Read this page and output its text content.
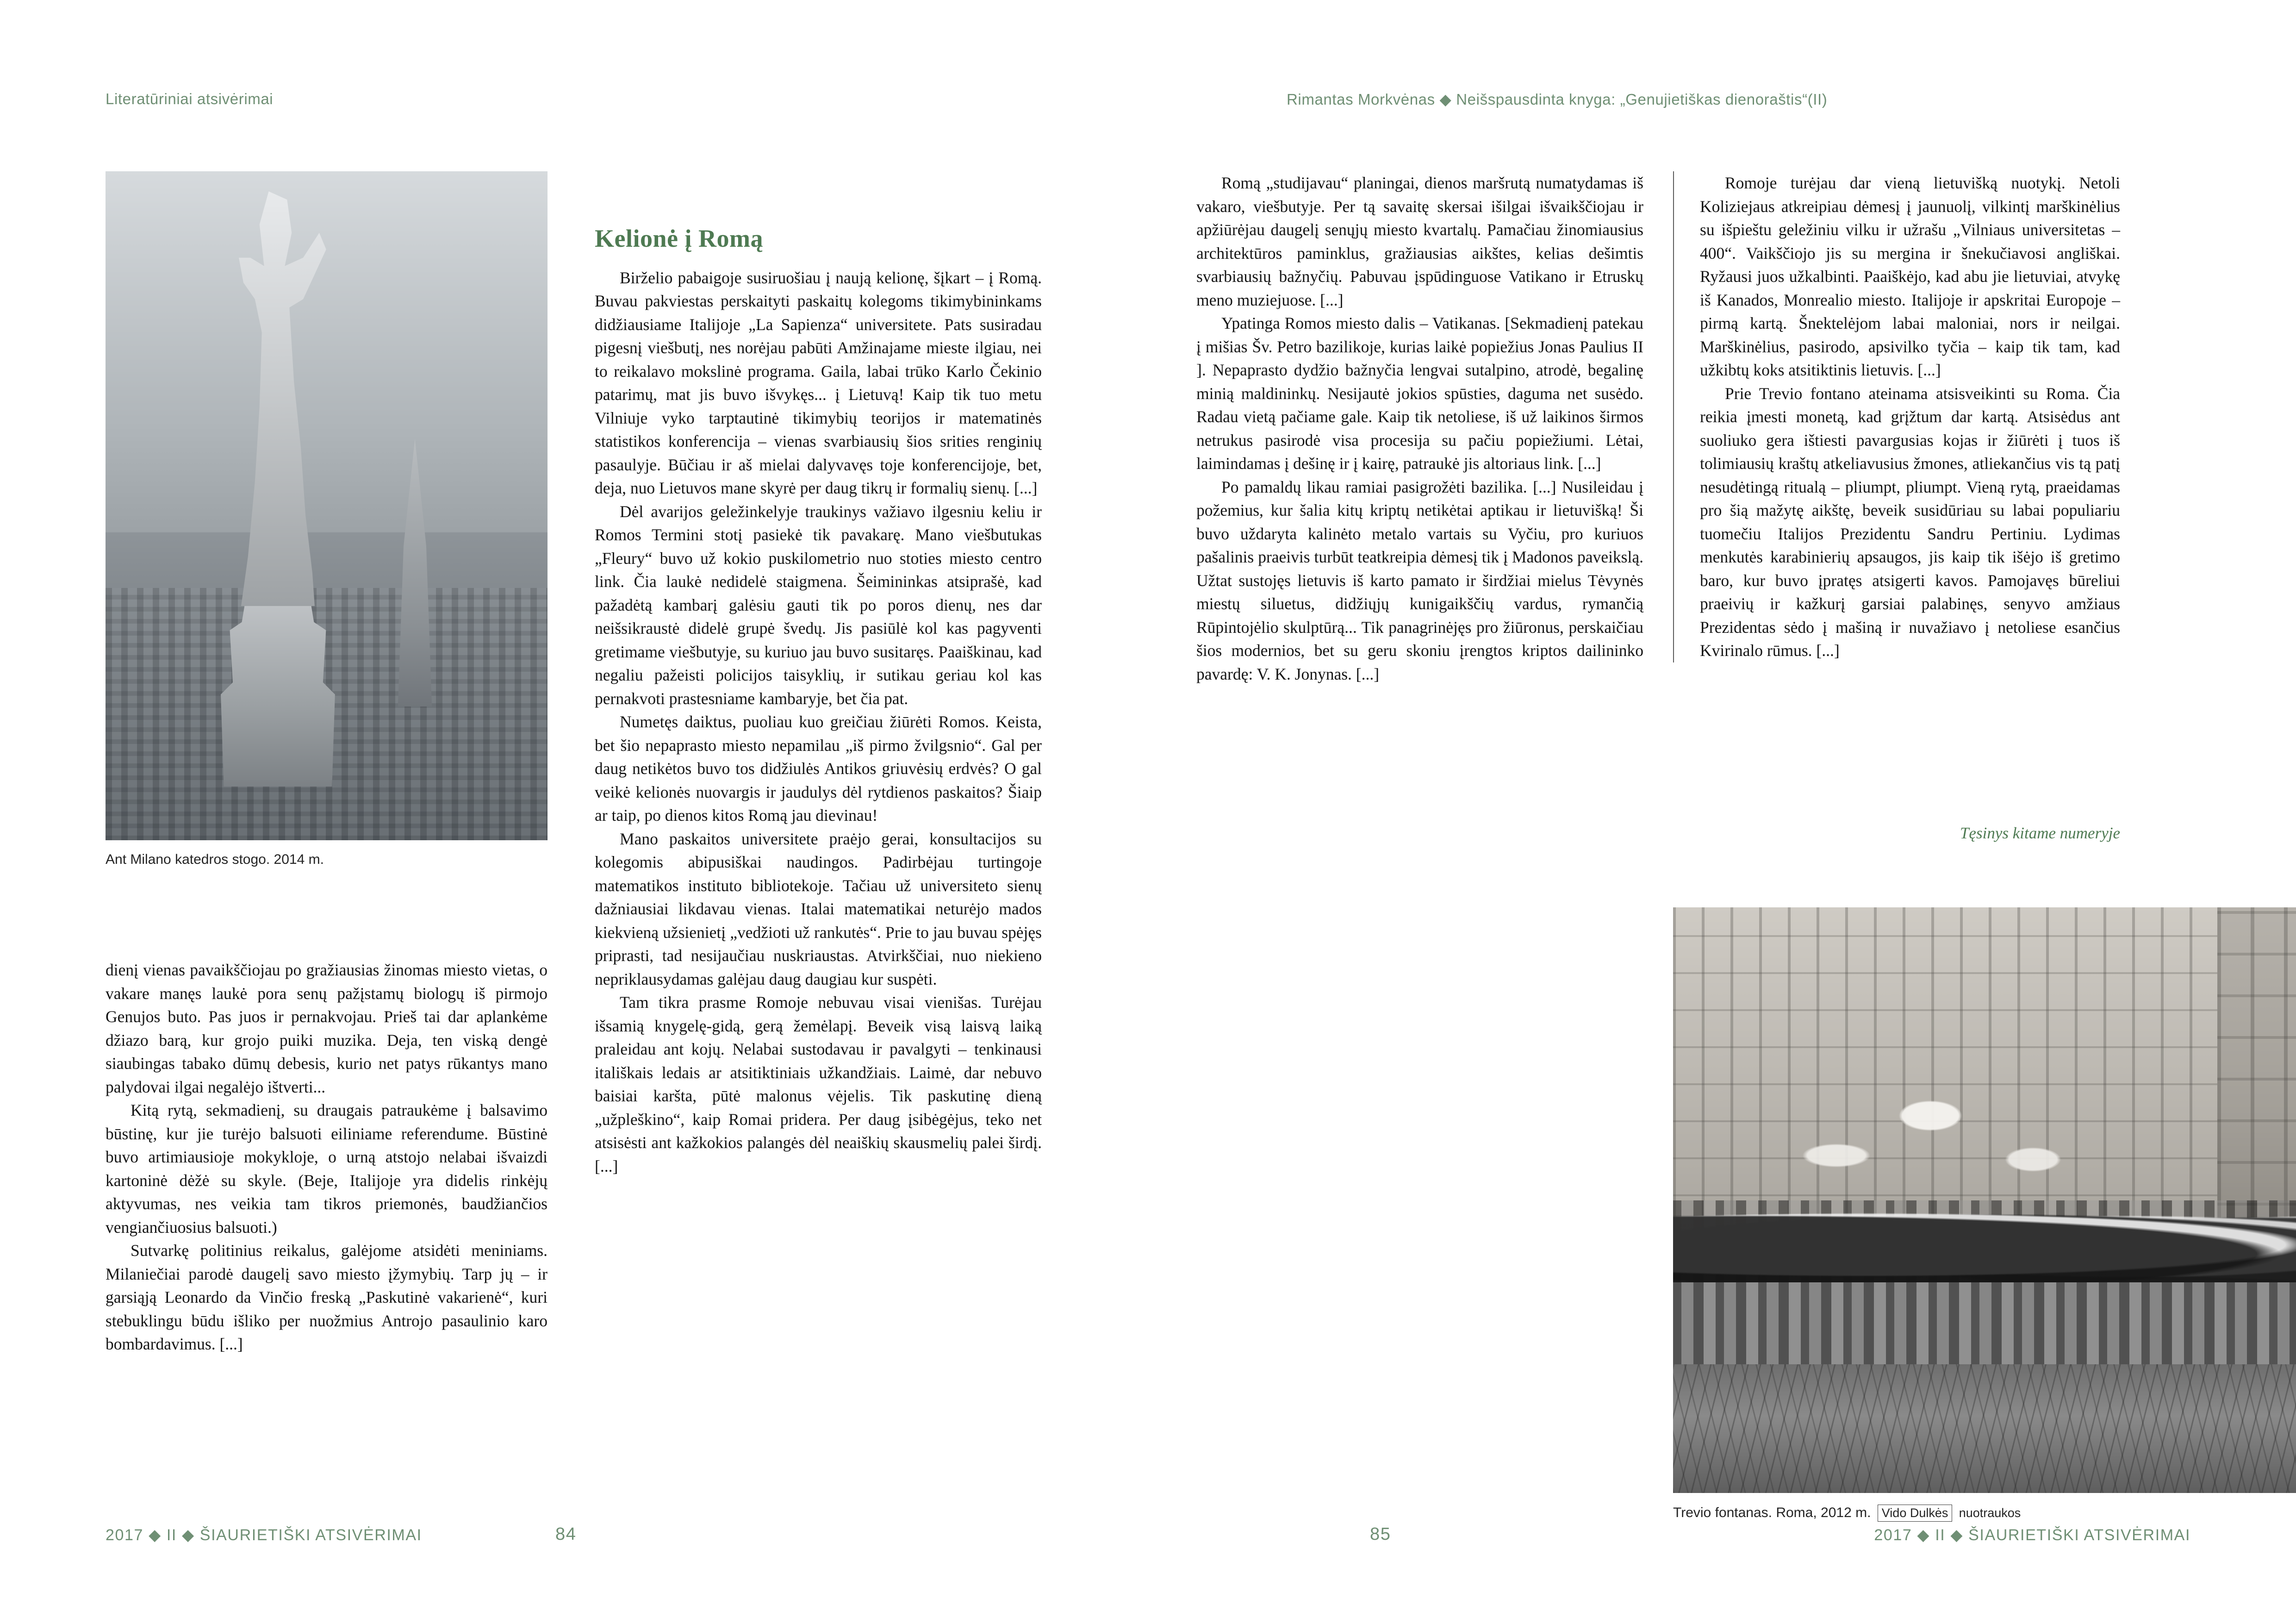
Literatūriniai atsivėrimai
Ant Milano katedros stogo. 2014 m.

dienį vienas pavaikščiojau po gražiausias žinomas miesto vietas, o vakare manęs laukė pora senų pažįstamų biologų iš pirmojo Genujos buto. Pas juos ir pernakvojau. Prieš tai dar aplankėme džiazo barą, kur grojo puiki muzika. Deja, ten viską dengė siaubingas tabako dūmų debesis, kurio net patys rūkantys mano palydovai ilgai negalėjo ištverti...

Kitą rytą, sekmadienį, su draugais patraukėme į balsavimo būstinę, kur jie turėjo balsuoti eiliniame referendume. Būstinė buvo artimiausioje mokykloje, o urną atstojo nelabai išvaizdi kartoninė dėžė su skyle. (Beje, Italijoje yra didelis rinkėjų aktyvumas, nes veikia tam tikros priemonės, baudžiančios vengiančiuosius balsuoti.)

Sutvarkę politinius reikalus, galėjome atsidėti meniniams. Milaniečiai parodė daugelį savo miesto įžymybių. Tarp jų – ir garsiąją Leonardo da Vinčio freską „Paskutinė vakarienė“, kuri stebuklingu būdu išliko per nuožmius Antrojo pasaulinio karo bombardavimus. [...]

Kelionė į Romą

Birželio pabaigoje susiruošiau į naują kelionę, šįkart – į Romą. Buvau pakviestas perskaityti paskaitų kolegoms tikimybininkams didžiausiame Italijoje „La Sapienza“ universitete. Pats susiradau pigesnį viešbutį, nes norėjau pabūti Amžinajame mieste ilgiau, nei to reikalavo mokslinė programa. Gaila, labai trūko Karlo Čekinio patarimų, mat jis buvo išvykęs... į Lietuvą! Kaip tik tuo metu Vilniuje vyko tarptautinė tikimybių teorijos ir matematinės statistikos konferencija – vienas svarbiausių šios srities renginių pasaulyje. Būčiau ir aš mielai dalyvavęs toje konferencijoje, bet, deja, nuo Lietuvos mane skyrė per daug tikrų ir formalių sienų. [...]

Dėl avarijos geležinkelyje traukinys važiavo ilgesniu keliu ir Romos Termini stotį pasiekė tik pavakarę. Mano viešbutukas „Fleury“ buvo už kokio puskilometrio nuo stoties miesto centro link. Čia laukė nedidelė staigmena. Šeimininkas atsiprašė, kad pažadėtą kambarį galėsiu gauti tik po poros dienų, nes dar neišsikraustė didelė grupė švedų. Jis pasiūlė kol kas pagyventi gretimame viešbutyje, su kuriuo jau buvo susitaręs. Paaiškinau, kad negaliu pažeisti policijos taisyklių, ir sutikau geriau kol kas pernakvoti prastesniame kambaryje, bet čia pat.

Numetęs daiktus, puoliau kuo greičiau žiūrėti Romos. Keista, bet šio nepaprasto miesto nepamilau „iš pirmo žvilgsnio“. Gal per daug netikėtos buvo tos didžiulės Antikos griuvėsių erdvės? O gal veikė kelionės nuovargis ir jaudulys dėl rytdienos paskaitos? Šiaip ar taip, po dienos kitos Romą jau dievinau!

Mano paskaitos universitete praėjo gerai, konsultacijos su kolegomis abipusiškai naudingos. Padirbėjau turtingoje matematikos instituto bibliotekoje. Tačiau už universiteto sienų dažniausiai likdavau vienas. Italai matematikai neturėjo mados kiekvieną užsienietį „vedžioti už rankutės“. Prie to jau buvau spėjęs priprasti, tad nesijaučiau nuskriaustas. Atvirkščiai, nuo niekieno nepriklausydamas galėjau daug daugiau kur suspėti.

Tam tikra prasme Romoje nebuvau visai vienišas. Turėjau išsamią knygelę-gidą, gerą žemėlapį. Beveik visą laisvą laiką praleidau ant kojų. Nelabai sustodavau ir pavalgyti – tenkinausi itališkais ledais ar atsitiktiniais užkandžiais. Laimė, dar nebuvo baisiai karšta, pūtė malonus vėjelis. Tik paskutinę dieną „užpleškino“, kaip Romai pridera. Per daug įsibėgėjus, teko net atsisėsti ant kažkokios palangės dėl neaiškių skausmelių palei širdį. [...]

2017 ◆ II ◆ ŠIAURIETIŠKI ATSIVĖRIMAI	84
Rimantas Morkvėnas ◆ Neišspausdinta knyga: „Genujietiškas dienoraštis“(II)

Romą „studijavau“ planingai, dienos maršrutą numatydamas iš vakaro, viešbutyje. Per tą savaitę skersai išilgai išvaikščiojau ir apžiūrėjau daugelį senųjų miesto kvartalų. Pamačiau žinomiausius architektūros paminklus, gražiausias aikštes, kelias dešimtis svarbiausių bažnyčių. Pabuvau įspūdinguose Vatikano ir Etruskų meno muziejuose. [...]

Ypatinga Romos miesto dalis – Vatikanas. [Sekmadienį patekau į mišias Šv. Petro bazilikoje, kurias laikė popiežius Jonas Paulius II ]. Nepaprasto dydžio bažnyčia lengvai sutalpino, atrodė, begalinę minią maldininkų. Nesijautė jokios spūsties, daguma net susėdo. Radau vietą pačiame gale. Kaip tik netoliese, iš už laikinos širmos netrukus pasirodė visa procesija su pačiu popiežiumi. Lėtai, laimindamas į dešinę ir į kairę, patraukė jis altoriaus link. [...]

Po pamaldų likau ramiai pasigrožėti bazilika. [...] Nusileidau į požemius, kur šalia kitų kriptų netikėtai aptikau ir lietuvišką! Ši buvo uždaryta kalinėto metalo vartais su Vyčiu, pro kuriuos pašalinis praeivis turbūt teatkreipia dėmesį tik į Madonos paveikslą. Užtat sustojęs lietuvis iš karto pamato ir širdžiai mielus Tėvynės miestų siluetus, didžiųjų kunigaikščių vardus, rymančią Rūpintojėlio skulptūrą... Tik panagrinėjęs pro žiūronus, perskaičiau šios modernios, bet su geru skoniu įrengtos kriptos dailininko pavardę: V. K. Jonynas. [...]

Romoje turėjau dar vieną lietuvišką nuotykį. Netoli Koliziejaus atkreipiau dėmesį į jaunuolį, vilkintį marškinėlius su išpieštu geležiniu vilku ir užrašu „Vilniaus universitetas – 400“. Vaikščiojo jis su mergina ir šnekučiavosi angliškai. Ryžausi juos užkalbinti. Paaiškėjo, kad abu jie lietuviai, atvykę iš Kanados, Monrealio miesto. Italijoje ir apskritai Europoje – pirmą kartą. Šnektelėjom labai maloniai, nors ir neilgai. Marškinėlius, pasirodo, apsivilko tyčia – kaip tik tam, kad užkibtų koks atsitiktinis lietuvis. [...]

Prie Trevio fontano ateinama atsisveikinti su Roma. Čia reikia įmesti monetą, kad grįžtum dar kartą. Atsisėdus ant suoliuko gera ištiesti pavargusias kojas ir žiūrėti į tuos iš tolimiausių kraštų atkeliavusius žmones, atliekančius vis tą patį nesudėtingą ritualą – pliumpt, pliumpt. Vieną rytą, praeidamas pro šią mažytę aikštę, beveik susidūriau su labai populiariu tuomečiu Italijos Prezidentu Sandru Pertiniu. Lydimas menkutės karabinierių apsaugos, jis kaip tik išėjo iš gretimo baro, kur buvo įpratęs atsigerti kavos. Pamojavęs būreliui praeivių ir kažkurį garsiai palabinęs, senyvo amžiaus Prezidentas sėdo į mašiną ir nuvažiavo į netoliese esančius Kvirinalo rūmus. [...]

Tęsinys kitame numeryje
Trevio fontanas. Roma, 2012 m. Vido Dulkės nuotraukos
85	2017 ◆ II ◆ ŠIAURIETIŠKI ATSIVĖRIMAI
